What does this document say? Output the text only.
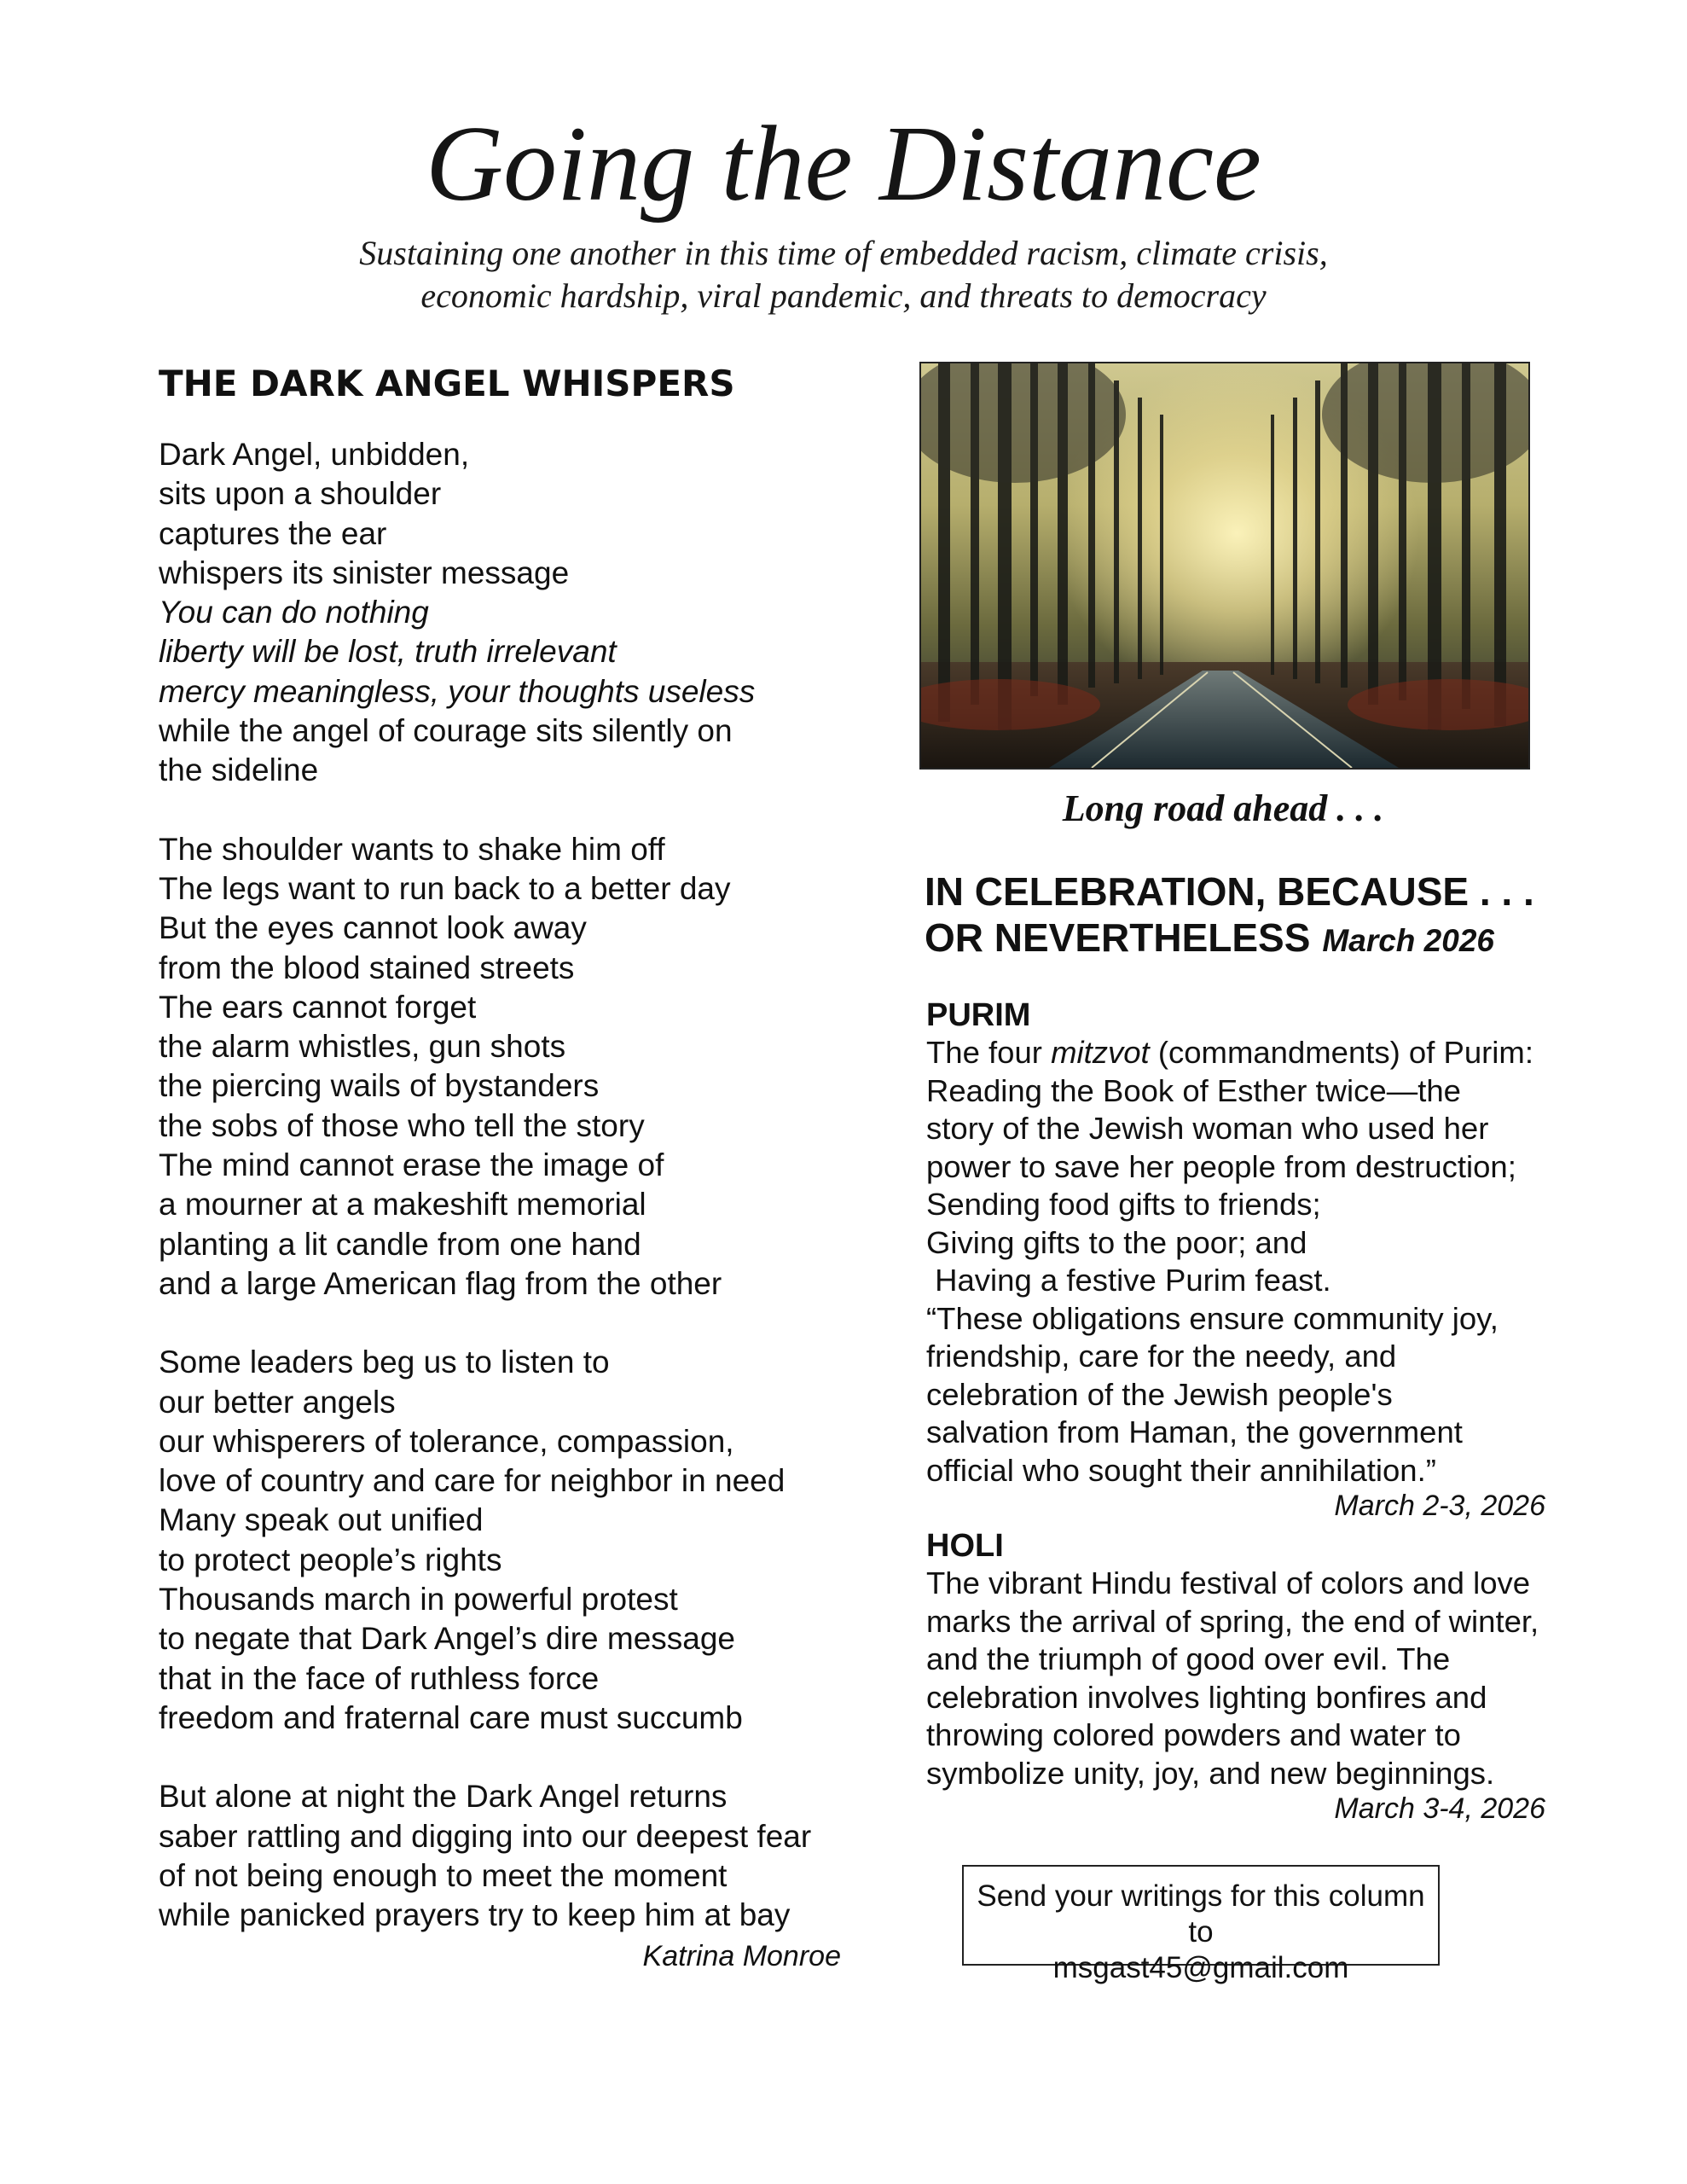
Going the Distance
Sustaining one another in this time of embedded racism, climate crisis,
economic hardship, viral pandemic, and threats to democracy
THE DARK ANGEL WHISPERS
Dark Angel, unbidden,
sits upon a shoulder
captures the ear
whispers its sinister message
You can do nothing
liberty will be lost, truth irrelevant
mercy meaningless, your thoughts useless
while the angel of courage sits silently on
the sideline
The shoulder wants to shake him off
The legs want to run back to a better day
But the eyes cannot look away
from the blood stained streets
The ears cannot forget
the alarm whistles, gun shots
the piercing wails of bystanders
the sobs of those who tell the story
The mind cannot erase the image of
a mourner at a makeshift memorial
planting a lit candle from one hand
and a large American flag from the other
Some leaders beg us to listen to
our better angels
our whisperers of tolerance, compassion,
love of country and care for neighbor in need
Many speak out unified
to protect people’s rights
Thousands march in powerful protest
to negate that Dark Angel’s dire message
that in the face of ruthless force
freedom and fraternal care must succumb
But alone at night the Dark Angel returns
saber rattling and digging into our deepest fear
of not being enough to meet the moment
while panicked prayers try to keep him at bay
Katrina Monroe
Long road ahead . . .
IN CELEBRATION, BECAUSE . . .
OR NEVERTHELESS March 2026
PURIM
The four mitzvot (commandments) of Purim:
Reading the Book of Esther twice—the
story of the Jewish woman who used her
power to save her people from destruction;
Sending food gifts to friends;
Giving gifts to the poor; and
Having a festive Purim feast.
“These obligations ensure community joy,
friendship, care for the needy, and
celebration of the Jewish people's
salvation from Haman, the government
official who sought their annihilation.”
March 2-3, 2026
HOLI
The vibrant Hindu festival of colors and love
marks the arrival of spring, the end of winter,
and the triumph of good over evil. The
celebration involves lighting bonfires and
throwing colored powders and water to
symbolize unity, joy, and new beginnings.
March 3-4, 2026
Send your writings for this column to
msgast45@gmail.com
